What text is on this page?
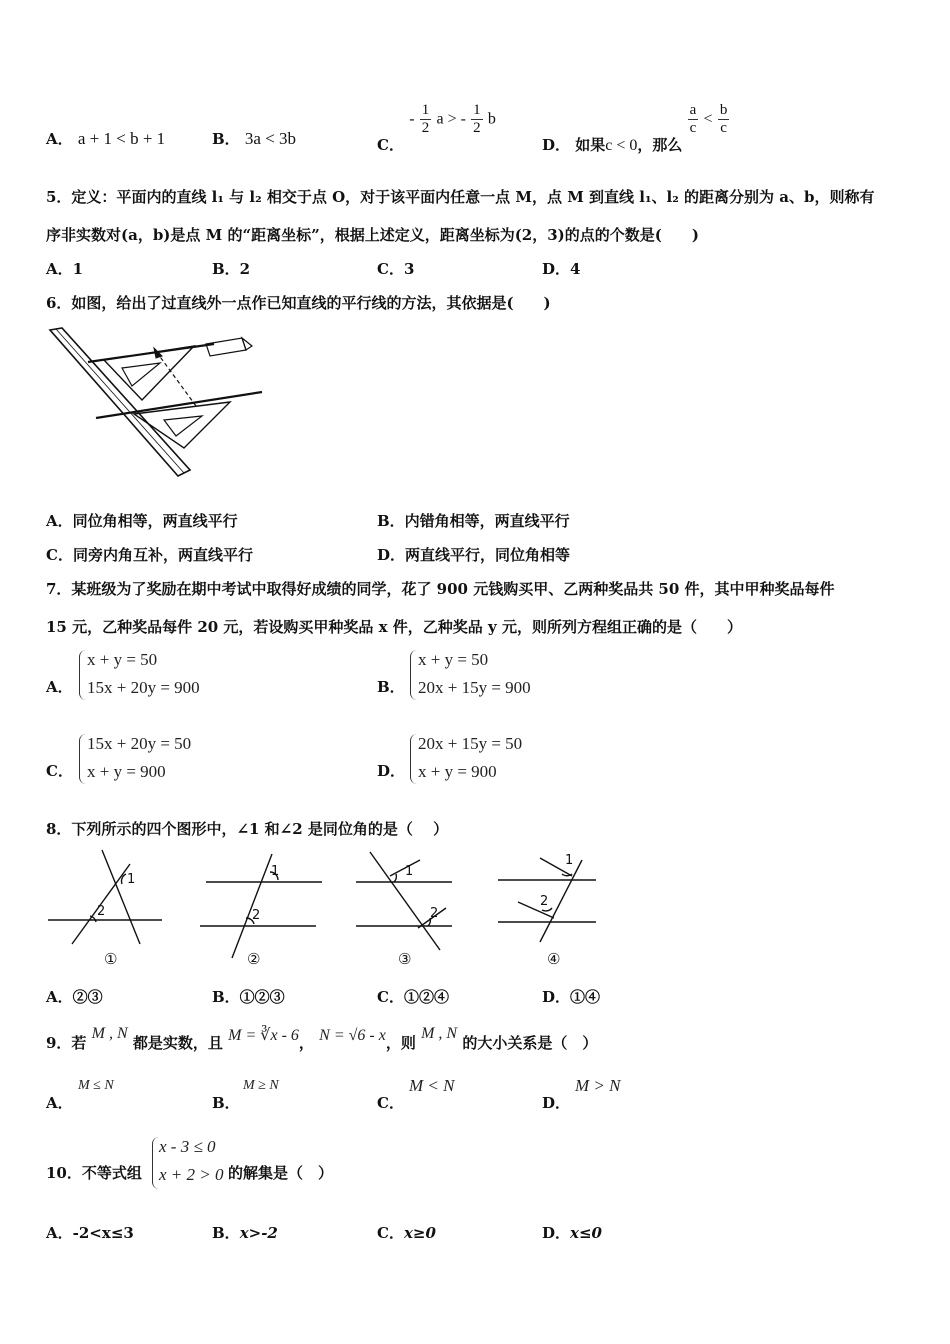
A． a + 1 < b + 1	B． 3a < 3b	C． - $\frac{1}{2}$ a > - $\frac{1}{2}$ b
D． 如果c < 0，那么
$\frac{a}{c} < \frac{b}{c}$
5．定义：平面内的直线 l₁ 与 l₂ 相交于点 O，对于该平面内任意一点 M，点 M 到直线 l₁、l₂ 的距离分别为 a、b，则称有
序非实数对(a，b)是点 M 的“距离坐标”，根据上述定义，距离坐标为(2，3)的点的个数是(　　)
A．1	B．2	C．3	D．4
6．如图，给出了过直线外一点作已知直线的平行线的方法，其依据是(　　)
A．同位角相等，两直线平行	B．内错角相等，两直线平行
C．同旁内角互补，两直线平行	D．两直线平行，同位角相等
7．某班级为了奖励在期中考试中取得好成绩的同学，花了 900 元钱购买甲、乙两种奖品共 50 件，其中甲种奖品每件
15 元，乙种奖品每件 20 元，若设购买甲种奖品 x 件，乙种奖品 y 元，则所列方程组正确的是（　　）
A．
x + y = 50
15x + 20y = 900	B．
x + y = 50
20x + 15y = 900
C．
15x + 20y = 50
x + y = 900	D．
20x + 15y = 50
x + y = 900
8．下列所示的四个图形中，∠1 和∠2 是同位角的是（　 ）
1
2
1
2
1
2
1
2
①	②	③	④
A．②③	B．①②③	C．①②④	D．①④
9．若 M , N 都是实数，且 M = ∛x - 6， N = √6 - x，则 M , N 的大小关系是（　）
A．
M ≤ N
B．
M ≥ N
C．
M < N
D．
M > N
10．不等式组
x - 3 ≤ 0
x + 2 > 0 的解集是（　）
A．-2<x≤3	B．x>-2	C．x≥0	D．x≤0
